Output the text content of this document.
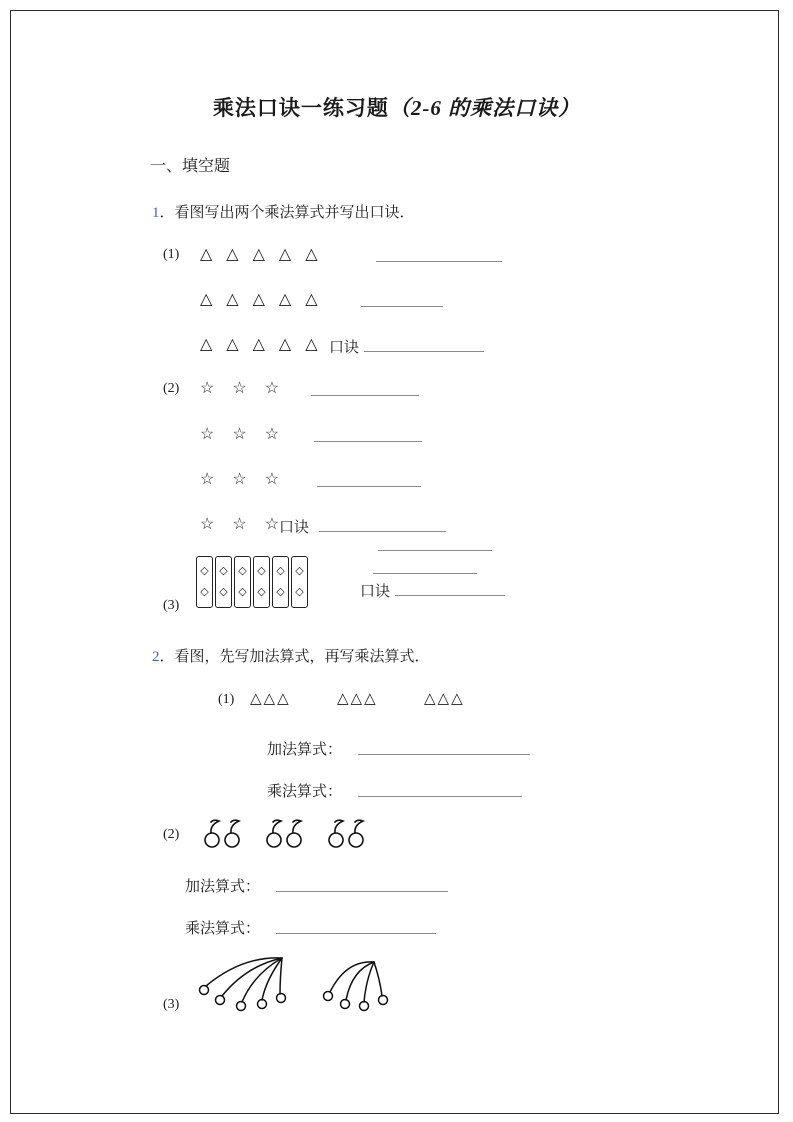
乘法口诀一练习题（2-6 的乘法口诀）
一、填空题
1．看图写出两个乘法算式并写出口诀．
(1) △ △ △ △ △
△ △ △ △ △
△ △ △ △ △ 口诀
(2) ☆ ☆ ☆
☆ ☆ ☆
☆ ☆ ☆
☆ ☆ ☆
口诀
◇
◇
◇
◇
◇
◇
◇
◇
◇
◇
◇
◇	口诀
(3)
2．看图，先写加法算式，再写乘法算式．
(1) △△△	△△△	△△△
加法算式：
乘法算式：
(2)
加法算式：
乘法算式：
(3)
